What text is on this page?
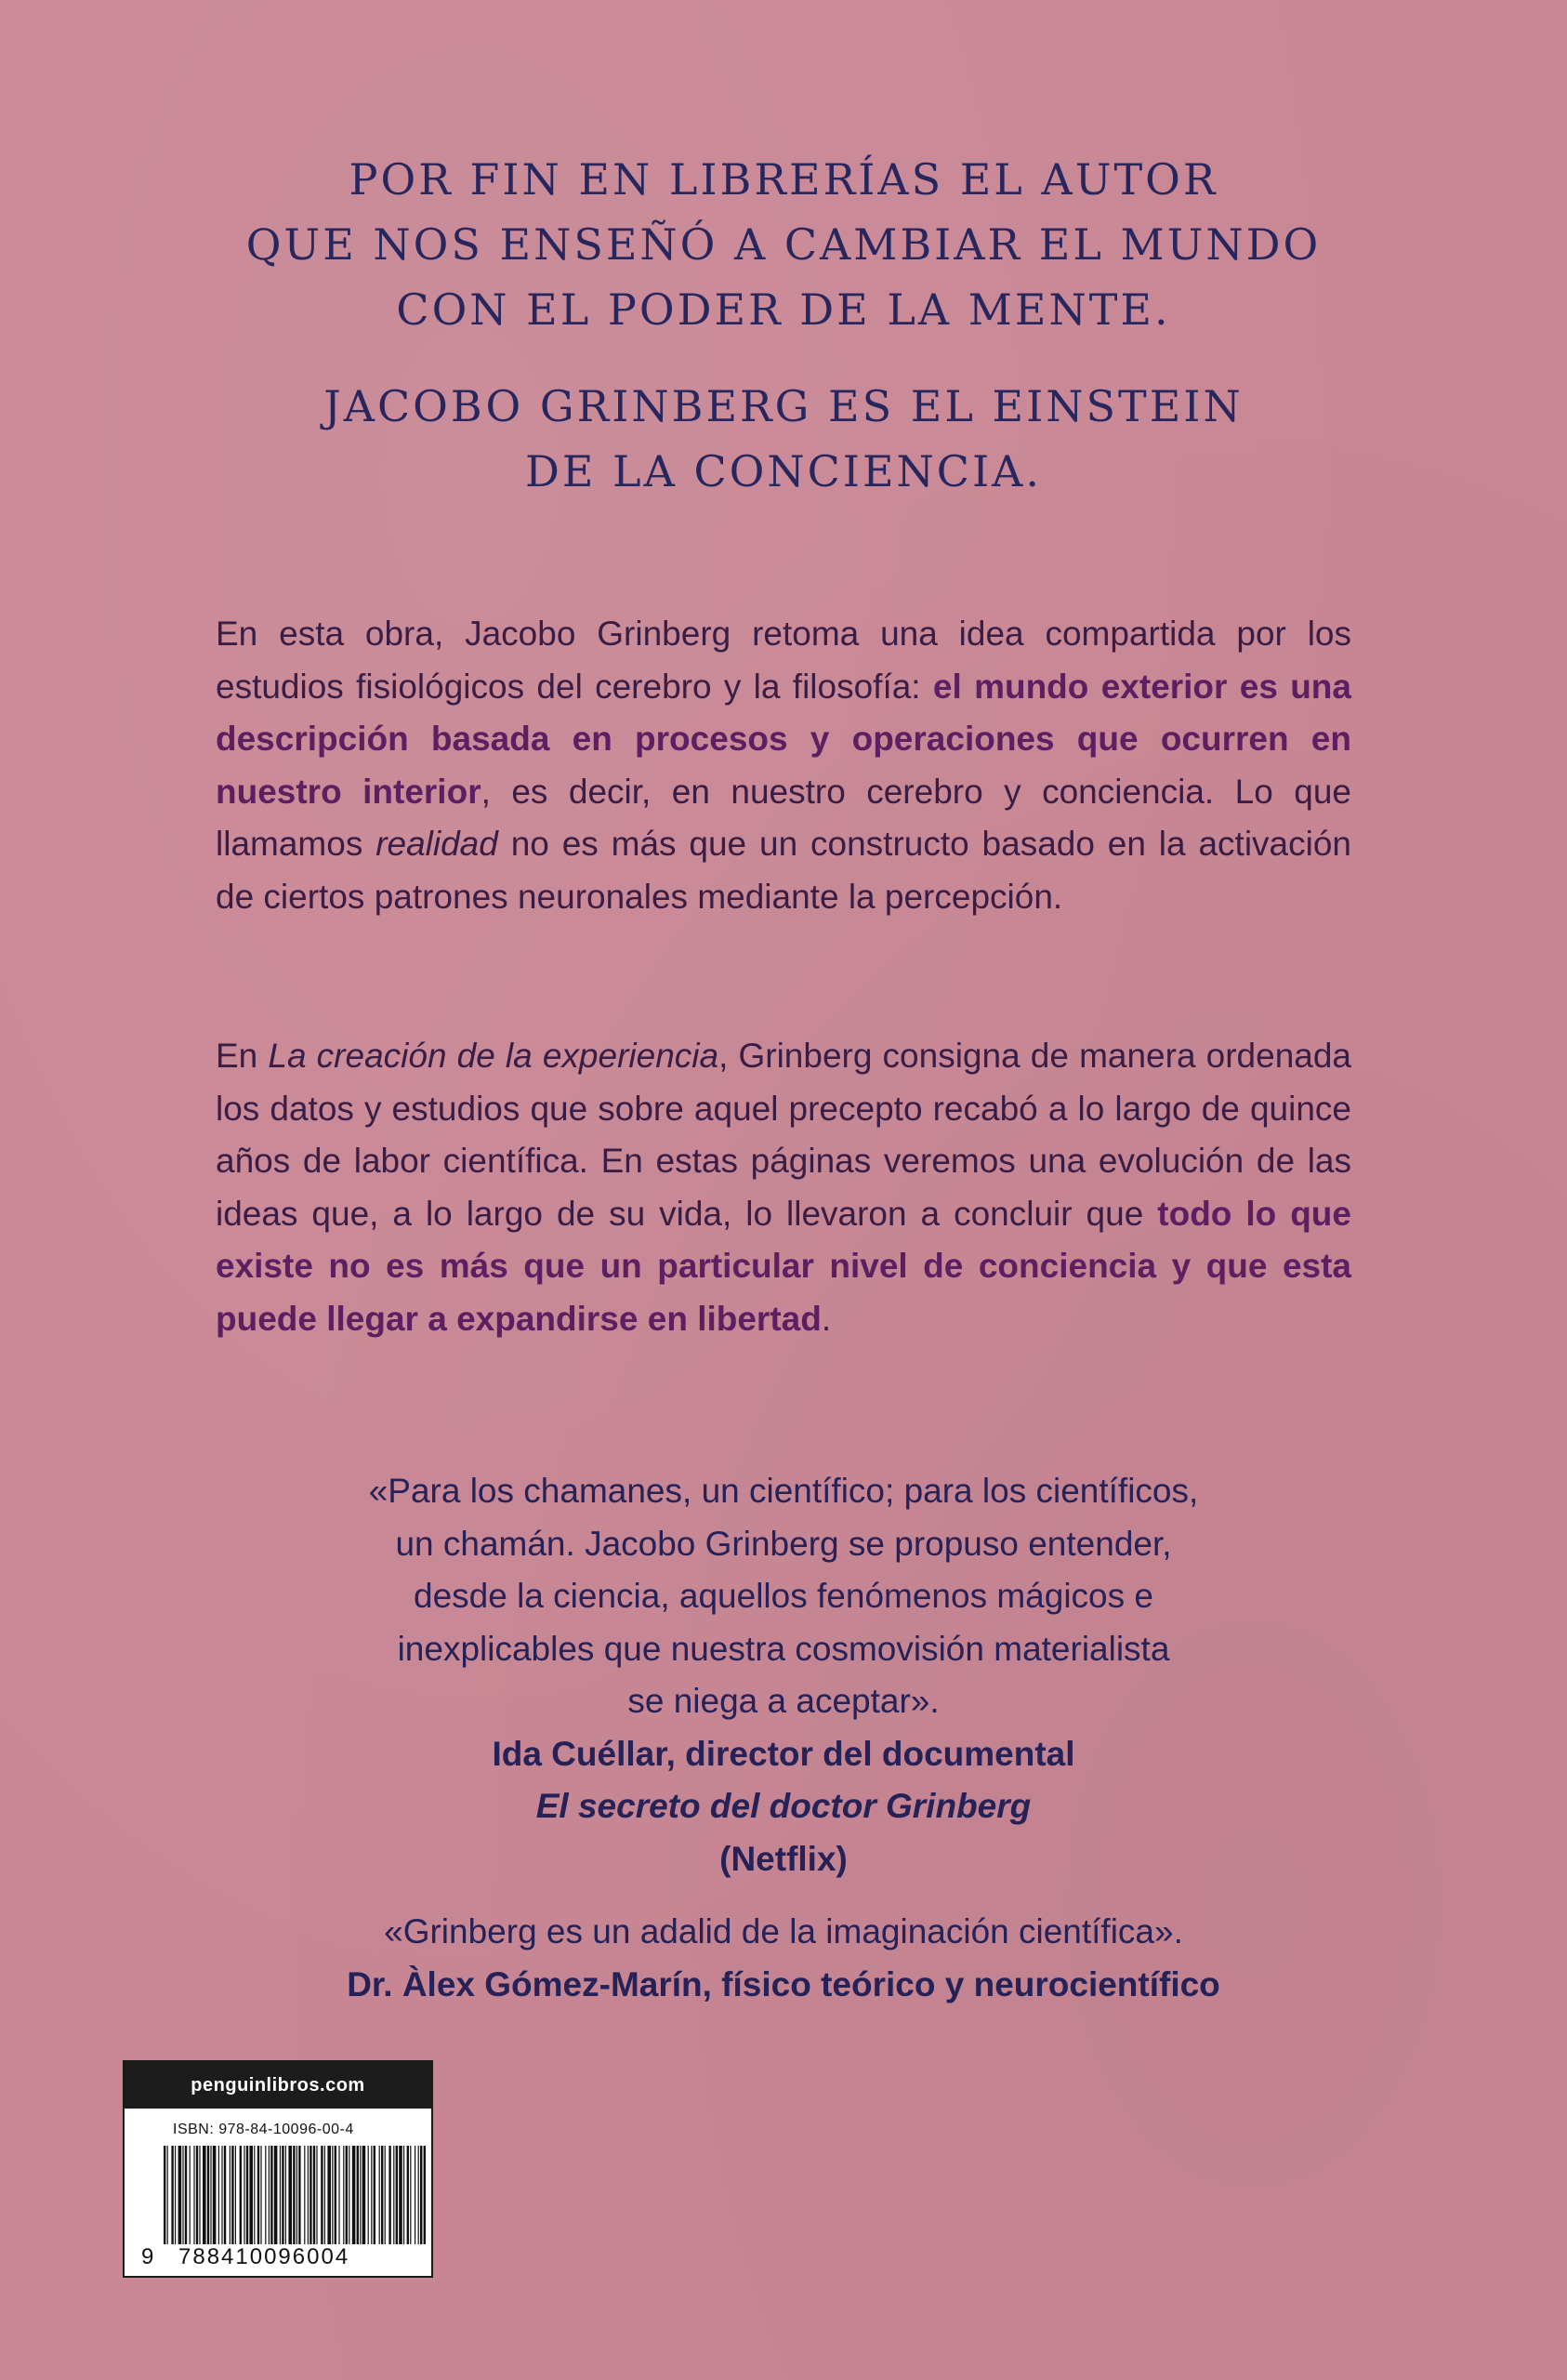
POR FIN EN LIBRERÍAS EL AUTOR
QUE NOS ENSEÑÓ A CAMBIAR EL MUNDO
CON EL PODER DE LA MENTE.
JACOBO GRINBERG ES EL EINSTEIN
DE LA CONCIENCIA.

En esta obra, Jacobo Grinberg retoma una idea compartida por los estudios fisiológicos del cerebro y la filosofía: el mundo exterior es una descripción basada en procesos y operaciones que ocurren en nuestro interior, es decir, en nuestro cerebro y conciencia. Lo que llamamos realidad no es más que un constructo basado en la activación de ciertos patrones neuronales mediante la percepción.

En La creación de la experiencia, Grinberg consigna de manera ordenada los datos y estudios que sobre aquel precepto recabó a lo largo de quince años de labor científica. En estas páginas veremos una evolución de las ideas que, a lo largo de su vida, lo llevaron a concluir que todo lo que existe no es más que un particular nivel de conciencia y que esta puede llegar a expandirse en libertad.

«Para los chamanes, un científico; para los científicos,
un chamán. Jacobo Grinberg se propuso entender,
desde la ciencia, aquellos fenómenos mágicos e
inexplicables que nuestra cosmovisión materialista
se niega a aceptar».
Ida Cuéllar, director del documental
El secreto del doctor Grinberg
(Netflix)
«Grinberg es un adalid de la imaginación científica».
Dr. Àlex Gómez-Marín, físico teórico y neurocientífico
penguinlibros.com
ISBN: 978-84-10096-00-4
9 788410096004
